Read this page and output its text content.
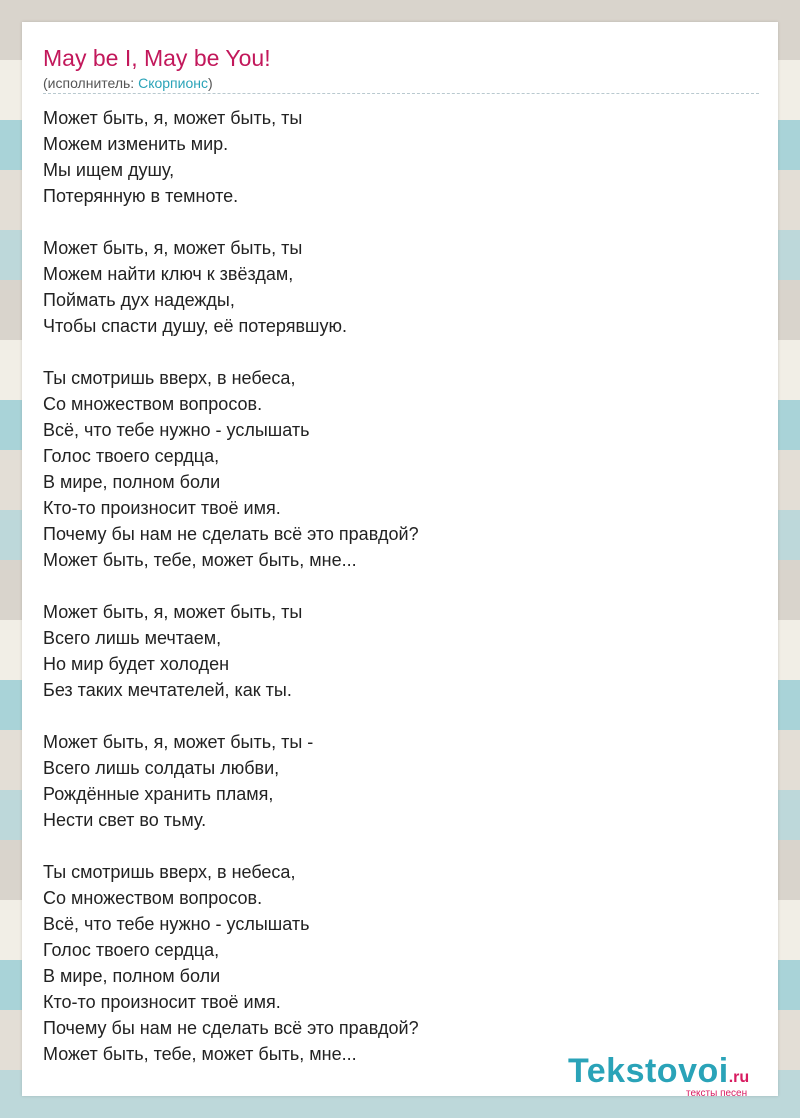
May be I, May be You!
(исполнитель: Скорпионс)
Может быть, я, может быть, ты
Можем изменить мир.
Мы ищем душу,
Потерянную в темноте.
Может быть, я, может быть, ты
Можем найти ключ к звёздам,
Поймать дух надежды,
Чтобы спасти душу, её потерявшую.
Ты смотришь вверх, в небеса,
Со множеством вопросов.
Всё, что тебе нужно - услышать
Голос твоего сердца,
В мире, полном боли
Кто-то произносит твоё имя.
Почему бы нам не сделать всё это правдой?
Может быть, тебе, может быть, мне...
Может быть, я, может быть, ты
Всего лишь мечтаем,
Но мир будет холоден
Без таких мечтателей, как ты.
Может быть, я, может быть, ты -
Всего лишь солдаты любви,
Рождённые хранить пламя,
Нести свет во тьму.
Ты смотришь вверх, в небеса,
Со множеством вопросов.
Всё, что тебе нужно - услышать
Голос твоего сердца,
В мире, полном боли
Кто-то произносит твоё имя.
Почему бы нам не сделать всё это правдой?
Может быть, тебе, может быть, мне...	Tekstovoi.ru
тексты песен
